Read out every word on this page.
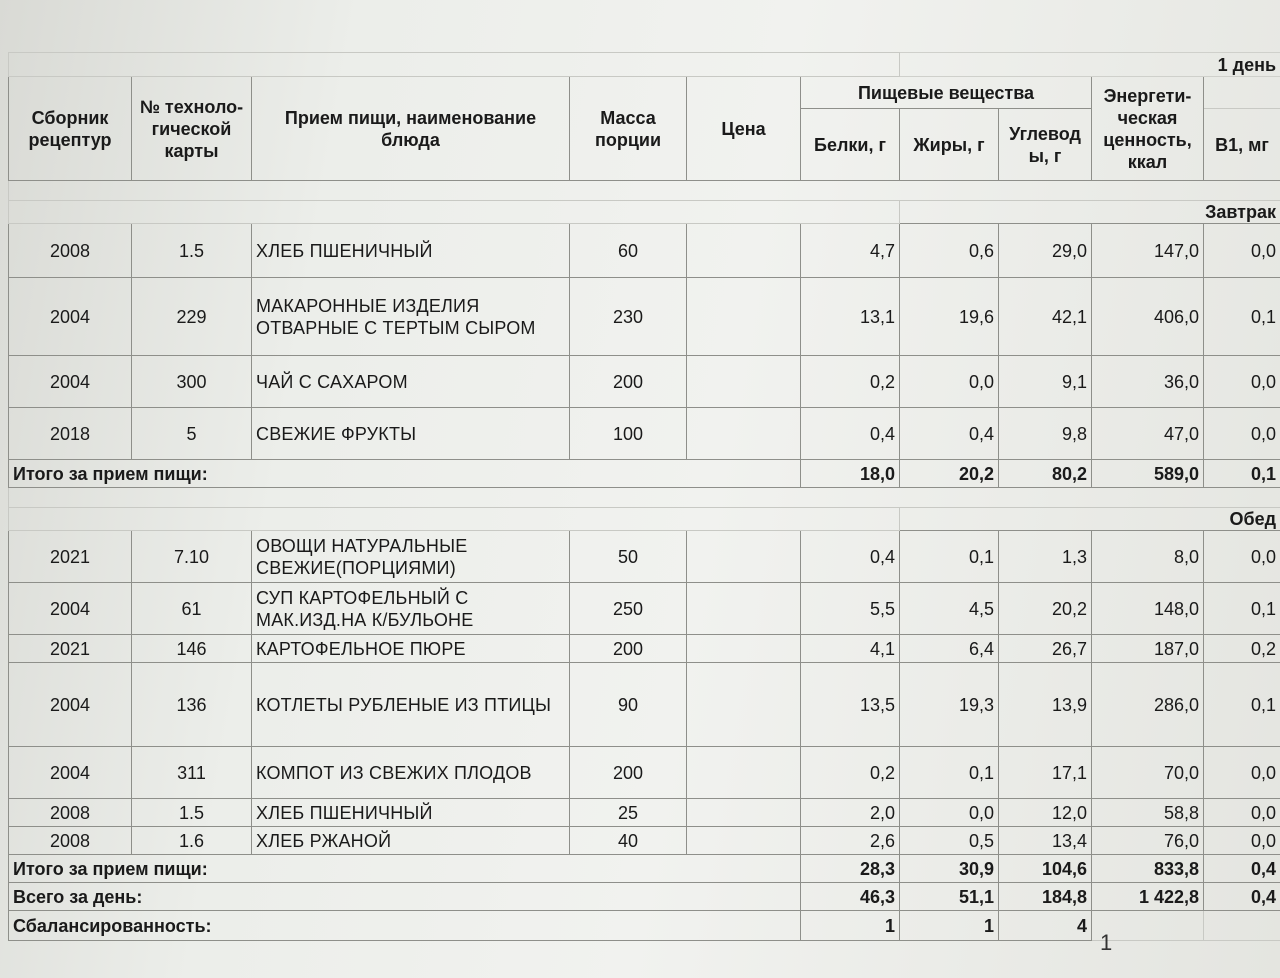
						1 день			
Сборник рецептур	№ техноло-гической карты	Прием пищи, наименование блюда	Масса порции	Цена	Пищевые вещества			Энергети-ческая ценность, ккал	
					Белки, г	Жиры, г	Углевод ы, г		В1, мг

						Завтрак			
2008	1.5	ХЛЕБ ПШЕНИЧНЫЙ	60		4,7	0,6	29,0	147,0	0,0
2004	229	МАКАРОННЫЕ ИЗДЕЛИЯ ОТВАРНЫЕ С ТЕРТЫМ СЫРОМ	230		13,1	19,6	42,1	406,0	0,1
2004	300	ЧАЙ С САХАРОМ	200		0,2	0,0	9,1	36,0	0,0
2018	5	СВЕЖИЕ ФРУКТЫ	100		0,4	0,4	9,8	47,0	0,0
Итого за прием пищи:					18,0	20,2	80,2	589,0	0,1

						Обед			
2021	7.10	ОВОЩИ НАТУРАЛЬНЫЕ СВЕЖИЕ(ПОРЦИЯМИ)	50		0,4	0,1	1,3	8,0	0,0
2004	61	СУП КАРТОФЕЛЬНЫЙ С МАК.ИЗД.НА К/БУЛЬОНЕ	250		5,5	4,5	20,2	148,0	0,1
2021	146	КАРТОФЕЛЬНОЕ ПЮРЕ	200		4,1	6,4	26,7	187,0	0,2
2004	136	КОТЛЕТЫ РУБЛЕНЫЕ ИЗ ПТИЦЫ	90		13,5	19,3	13,9	286,0	0,1
2004	311	КОМПОТ ИЗ СВЕЖИХ ПЛОДОВ	200		0,2	0,1	17,1	70,0	0,0
2008	1.5	ХЛЕБ ПШЕНИЧНЫЙ	25		2,0	0,0	12,0	58,8	0,0
2008	1.6	ХЛЕБ РЖАНОЙ	40		2,6	0,5	13,4	76,0	0,0
Итого за прием пищи:					28,3	30,9	104,6	833,8	0,4
Всего за день:					46,3	51,1	184,8	1 422,8	0,4
Сбалансированность:					1	1	4		
1
